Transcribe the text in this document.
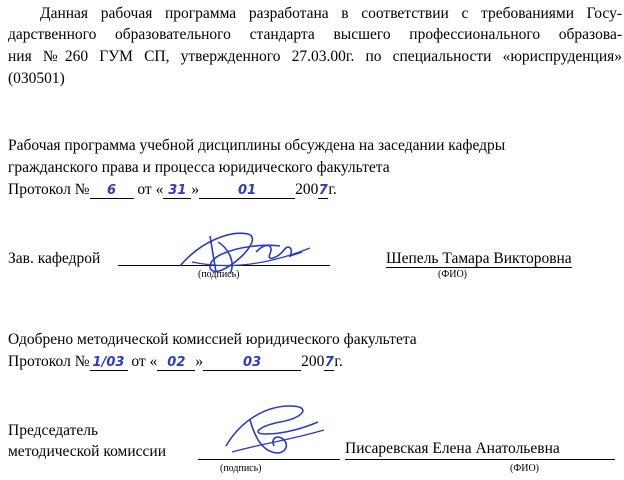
Данная рабочая программа разработана в соответствии с требованиями Госу-
дарственного образовательного стандарта высшего профессионального образова-
ния №260 ГУМ СП, утвержденного 27.03.00г. по специальности «юриспруденция»
(030501)
Рабочая программа учебной дисциплины обсуждена на заседании кафедры
гражданского права и процесса юридического факультета
Протокол № 6 от « 31 »	01	2007г.
Зав. кафедрой
(подпись)
Шепель Тамара Викторовна
(ФИО)
Одобрено методической комиссией юридического факультета
Протокол № 1/03 от « 02 »	03	2007г.
Председатель
методической комиссии
(подпись)
Писаревская Елена Анатольевна
(ФИО)
